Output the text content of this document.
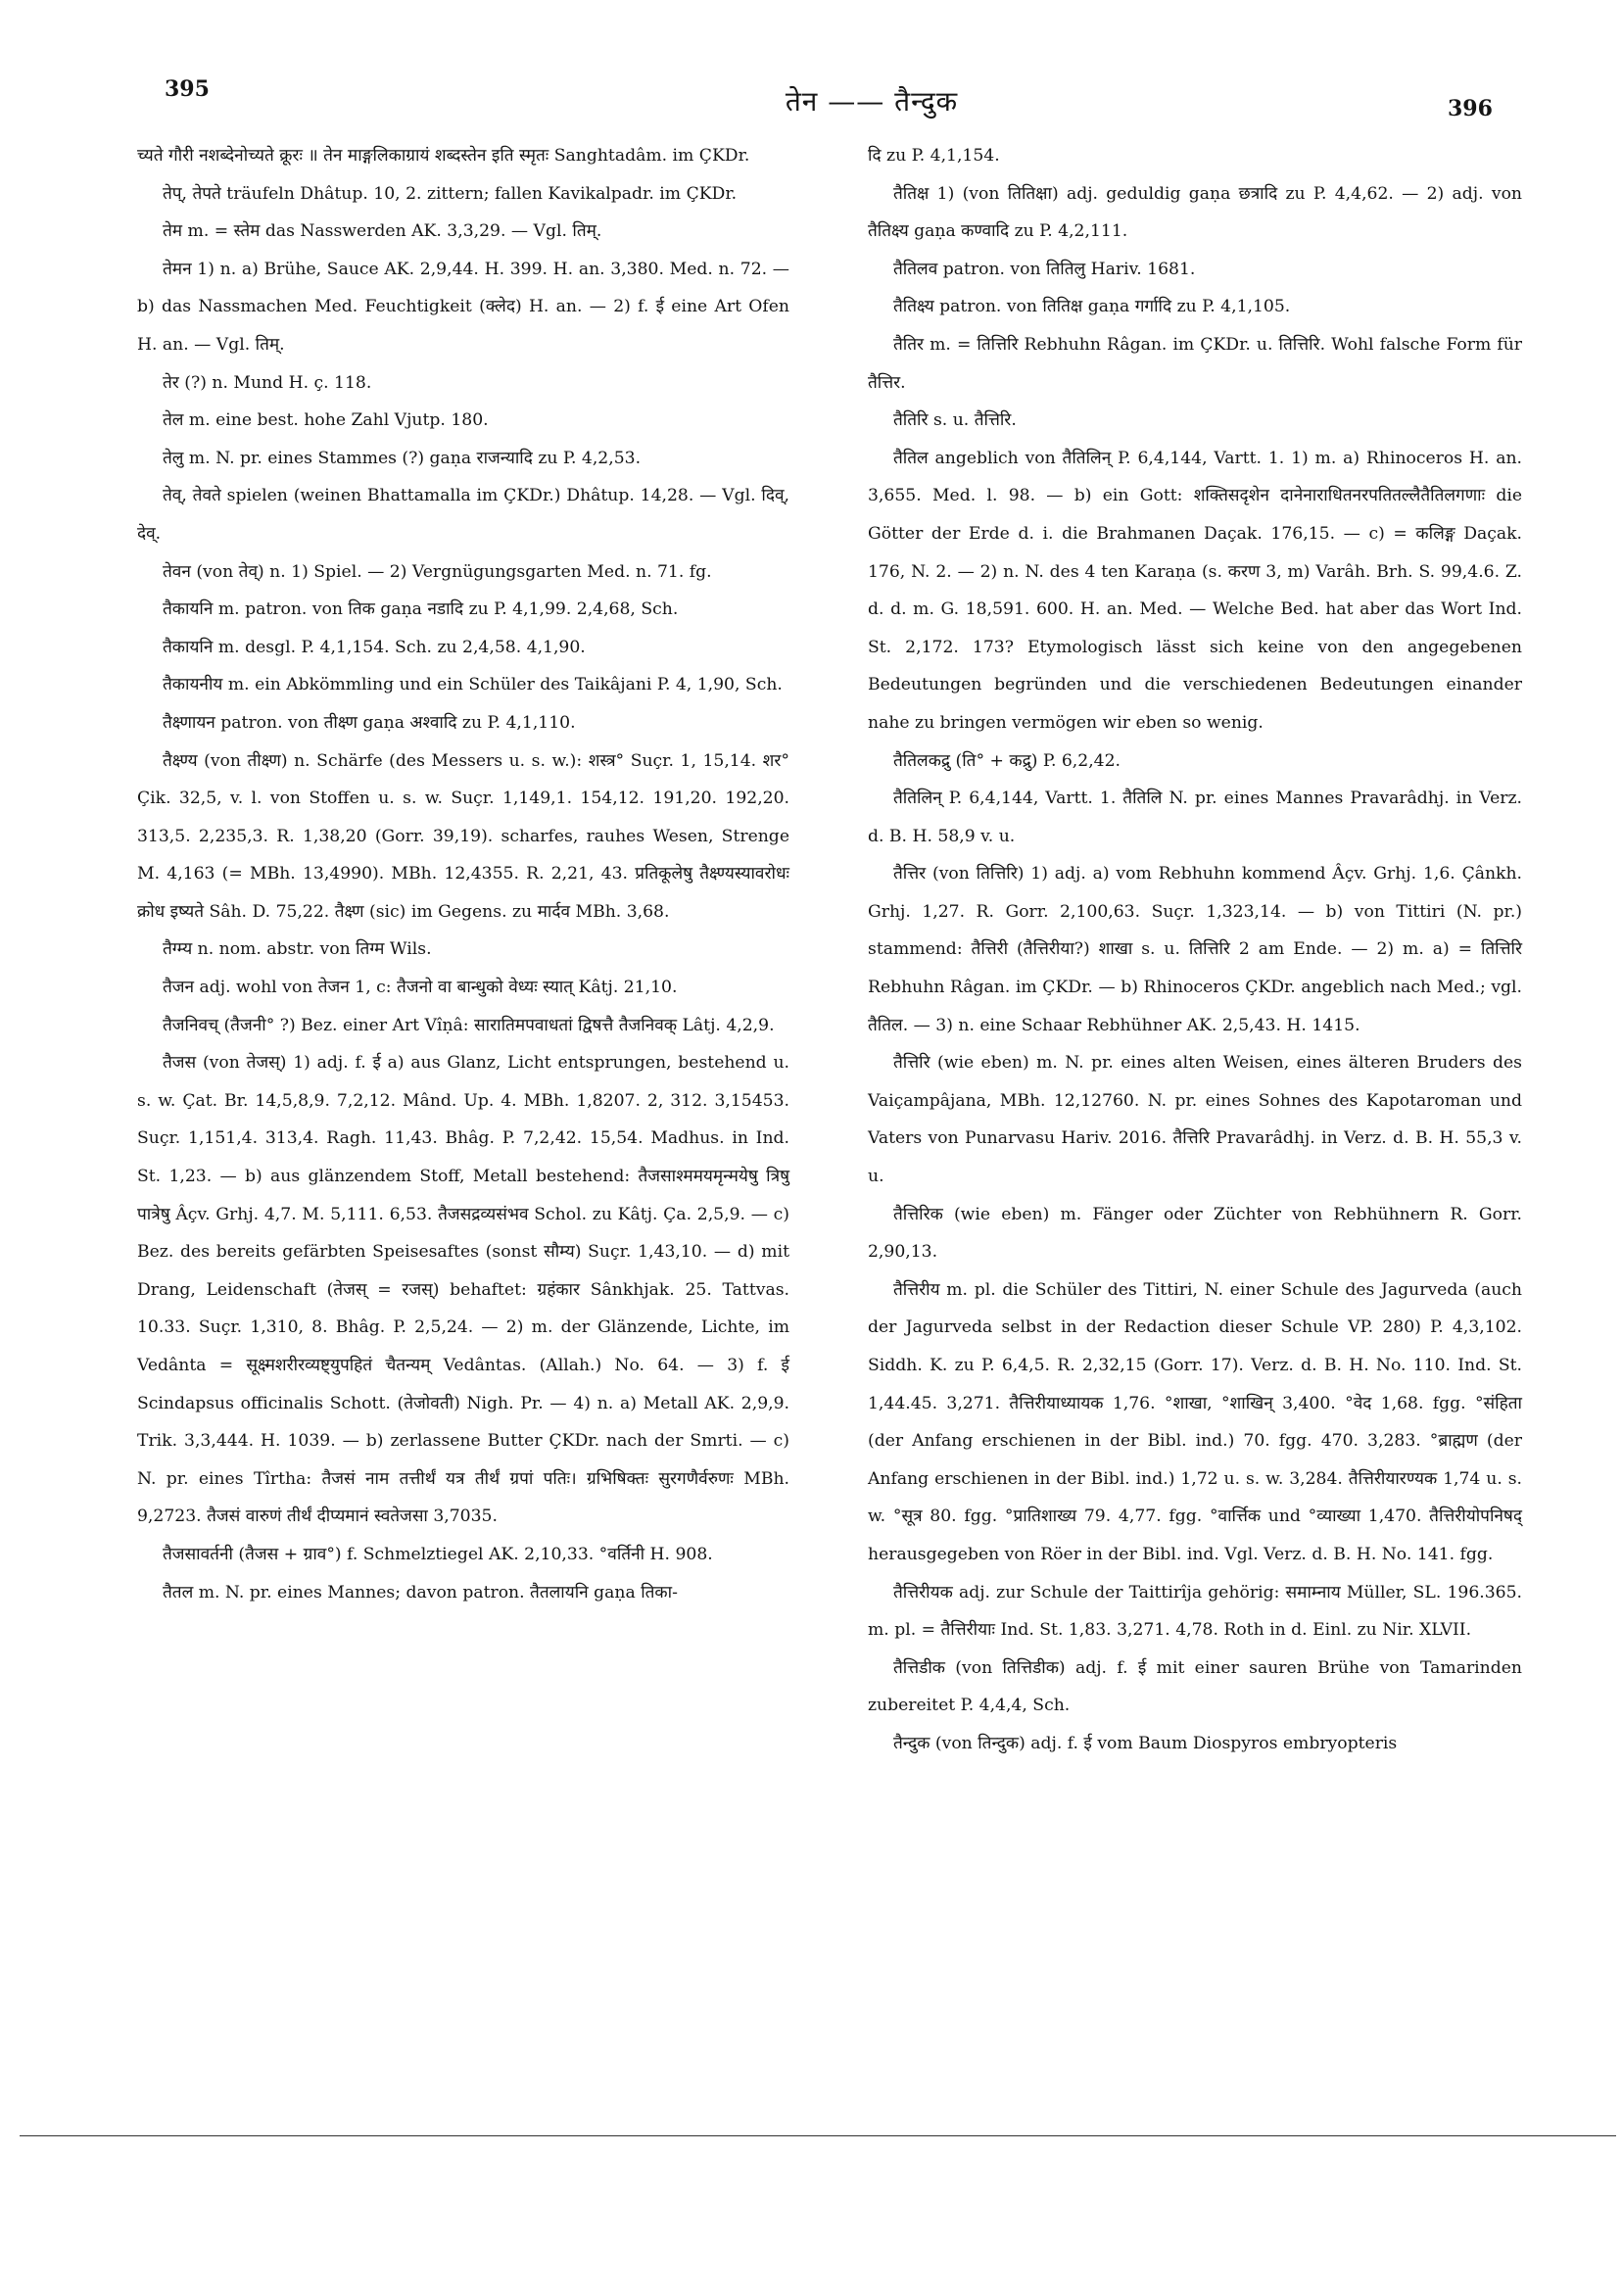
395	तेन —— तैन्दुक	396

च्यते गौरी नशब्देनोच्यते क्रूरः ॥ तेन माङ्गलिकाग्रायं शब्दस्तेन इति स्मृतः Sanghtadâm. im ÇKDr.

तेप्, तेपते träufeln Dhâtup. 10, 2. zittern; fallen Kavikalpadr. im ÇKDr.

तेम m. = स्तेम das Nasswerden AK. 3,3,29. — Vgl. तिम्.

तेमन 1) n. a) Brühe, Sauce AK. 2,9,44. H. 399. H. an. 3,380. Med. n. 72. — b) das Nassmachen Med. Feuchtigkeit (क्लेद) H. an. — 2) f. ई eine Art Ofen H. an. — Vgl. तिम्.

तेर (?) n. Mund H. ç. 118.

तेल m. eine best. hohe Zahl Vjutp. 180.

तेलु m. N. pr. eines Stammes (?) gaṇa राजन्यादि zu P. 4,2,53.

तेव्, तेवते spielen (weinen Bhattamalla im ÇKDr.) Dhâtup. 14,28. — Vgl. दिव्, देव्.

तेवन (von तेव्) n. 1) Spiel. — 2) Vergnügungsgarten Med. n. 71. fg.

तैकायनि m. patron. von तिक gaṇa नडादि zu P. 4,1,99. 2,4,68, Sch.

तैकायनि m. desgl. P. 4,1,154. Sch. zu 2,4,58. 4,1,90.

तैकायनीय m. ein Abkömmling und ein Schüler des Taikâjani P. 4, 1,90, Sch.

तैक्ष्णायन patron. von तीक्ष्ण gaṇa अश्वादि zu P. 4,1,110.

तैक्ष्ण्य (von तीक्ष्ण) n. Schärfe (des Messers u. s. w.): शस्त्र° Suçr. 1, 15,14. शर° Çik. 32,5, v. l. von Stoffen u. s. w. Suçr. 1,149,1. 154,12. 191,20. 192,20. 313,5. 2,235,3. R. 1,38,20 (Gorr. 39,19). scharfes, rauhes Wesen, Strenge M. 4,163 (= MBh. 13,4990). MBh. 12,4355. R. 2,21, 43. प्रतिकूलेषु तैक्ष्ण्यस्यावरोधः क्रोध इष्यते Sâh. D. 75,22. तैक्ष्ण (sic) im Gegens. zu मार्दव MBh. 3,68.

तैग्म्य n. nom. abstr. von तिग्म Wils.

तैजन adj. wohl von तेजन 1, c: तैजनो वा बान्धुको वेध्यः स्यात् Kâtj. 21,10.

तैजनिवच् (तैजनी° ?) Bez. einer Art Vîṇâ: सारातिमपवाधतां द्विषत्तै तैजनिवक् Lâtj. 4,2,9.

तैजस (von तेजस्) 1) adj. f. ई a) aus Glanz, Licht entsprungen, bestehend u. s. w. Çat. Br. 14,5,8,9. 7,2,12. Mând. Up. 4. MBh. 1,8207. 2, 312. 3,15453. Suçr. 1,151,4. 313,4. Ragh. 11,43. Bhâg. P. 7,2,42. 15,54. Madhus. in Ind. St. 1,23. — b) aus glänzendem Stoff, Metall bestehend: तैजसाश्ममयमृन्मयेषु त्रिषु पात्रेषु Âçv. Grhj. 4,7. M. 5,111. 6,53. तैजसद्रव्यसंभव Schol. zu Kâtj. Ça. 2,5,9. — c) Bez. des bereits gefärbten Speisesaftes (sonst सौम्य) Suçr. 1,43,10. — d) mit Drang, Leidenschaft (तेजस् = रजस्) behaftet: ग्रहंकार Sânkhjak. 25. Tattvas. 10.33. Suçr. 1,310, 8. Bhâg. P. 2,5,24. — 2) m. der Glänzende, Lichte, im Vedânta = सूक्ष्मशरीरव्यष्ट्युपहितं चैतन्यम् Vedântas. (Allah.) No. 64. — 3) f. ई Scindapsus officinalis Schott. (तेजोवती) Nigh. Pr. — 4) n. a) Metall AK. 2,9,9. Trik. 3,3,444. H. 1039. — b) zerlassene Butter ÇKDr. nach der Smrti. — c) N. pr. eines Tîrtha: तैजसं नाम तत्तीर्थं यत्र तीर्थं ग्रपां पतिः। ग्रभिषिक्तः सुरगणैर्वरुणः MBh. 9,2723. तैजसं वारुणं तीर्थं दीप्यमानं स्वतेजसा 3,7035.

तैजसावर्तनी (तैजस + ग्राव°) f. Schmelztiegel AK. 2,10,33. °वर्तिनी H. 908.

तैतल m. N. pr. eines Mannes; davon patron. तैतलायनि gaṇa तिका-

दि zu P. 4,1,154.

तैतिक्ष 1) (von तितिक्षा) adj. geduldig gaṇa छत्रादि zu P. 4,4,62. — 2) adj. von तैतिक्ष्य gaṇa कण्वादि zu P. 4,2,111.

तैतिलव patron. von तितिलु Hariv. 1681.

तैतिक्ष्य patron. von तितिक्ष gaṇa गर्गादि zu P. 4,1,105.

तैतिर m. = तित्तिरि Rebhuhn Râgan. im ÇKDr. u. तित्तिरि. Wohl falsche Form für तैत्तिर.

तैतिरि s. u. तैत्तिरि.

तैतिल angeblich von तैतिलिन् P. 6,4,144, Vartt. 1. 1) m. a) Rhinoceros H. an. 3,655. Med. l. 98. — b) ein Gott: शक्तिसदृशेन दानेनाराधितनरपतितल्लैतैतिलगणाः die Götter der Erde d. i. die Brahmanen Daçak. 176,15. — c) = कलिङ्ग Daçak. 176, N. 2. — 2) n. N. des 4 ten Karaṇa (s. करण 3, m) Varâh. Brh. S. 99,4.6. Z. d. d. m. G. 18,591. 600. H. an. Med. — Welche Bed. hat aber das Wort Ind. St. 2,172. 173? Etymologisch lässt sich keine von den angegebenen Bedeutungen begründen und die verschiedenen Bedeutungen einander nahe zu bringen vermögen wir eben so wenig.

तैतिलकद्रु (ति° + कद्रु) P. 6,2,42.

तैतिलिन् P. 6,4,144, Vartt. 1. तैतिलि N. pr. eines Mannes Pravarâdhj. in Verz. d. B. H. 58,9 v. u.

तैत्तिर (von तित्तिरि) 1) adj. a) vom Rebhuhn kommend Âçv. Grhj. 1,6. Çânkh. Grhj. 1,27. R. Gorr. 2,100,63. Suçr. 1,323,14. — b) von Tittiri (N. pr.) stammend: तैत्तिरी (तैत्तिरीया?) शाखा s. u. तित्तिरि 2 am Ende. — 2) m. a) = तित्तिरि Rebhuhn Râgan. im ÇKDr. — b) Rhinoceros ÇKDr. angeblich nach Med.; vgl. तैतिल. — 3) n. eine Schaar Rebhühner AK. 2,5,43. H. 1415.

तैत्तिरि (wie eben) m. N. pr. eines alten Weisen, eines älteren Bruders des Vaiçampâjana, MBh. 12,12760. N. pr. eines Sohnes des Kapotaroman und Vaters von Punarvasu Hariv. 2016. तैत्तिरि Pravarâdhj. in Verz. d. B. H. 55,3 v. u.

तैत्तिरिक (wie eben) m. Fänger oder Züchter von Rebhühnern R. Gorr. 2,90,13.

तैत्तिरीय m. pl. die Schüler des Tittiri, N. einer Schule des Jagurveda (auch der Jagurveda selbst in der Redaction dieser Schule VP. 280) P. 4,3,102. Siddh. K. zu P. 6,4,5. R. 2,32,15 (Gorr. 17). Verz. d. B. H. No. 110. Ind. St. 1,44.45. 3,271. तैत्तिरीयाध्यायक 1,76. °शाखा, °शाखिन् 3,400. °वेद 1,68. fgg. °संहिता (der Anfang erschienen in der Bibl. ind.) 70. fgg. 470. 3,283. °ब्राह्मण (der Anfang erschienen in der Bibl. ind.) 1,72 u. s. w. 3,284. तैत्तिरीयारण्यक 1,74 u. s. w. °सूत्र 80. fgg. °प्रातिशाख्य 79. 4,77. fgg. °वार्त्तिक und °व्याख्या 1,470. तैत्तिरीयोपनिषद् herausgegeben von Röer in der Bibl. ind. Vgl. Verz. d. B. H. No. 141. fgg.

तैत्तिरीयक adj. zur Schule der Taittirîja gehörig: समाम्नाय Müller, SL. 196.365. m. pl. = तैत्तिरीयाः Ind. St. 1,83. 3,271. 4,78. Roth in d. Einl. zu Nir. XLVII.

तैत्तिडीक (von तित्तिडीक) adj. f. ई mit einer sauren Brühe von Tamarinden zubereitet P. 4,4,4, Sch.

तैन्दुक (von तिन्दुक) adj. f. ई vom Baum Diospyros embryopteris
